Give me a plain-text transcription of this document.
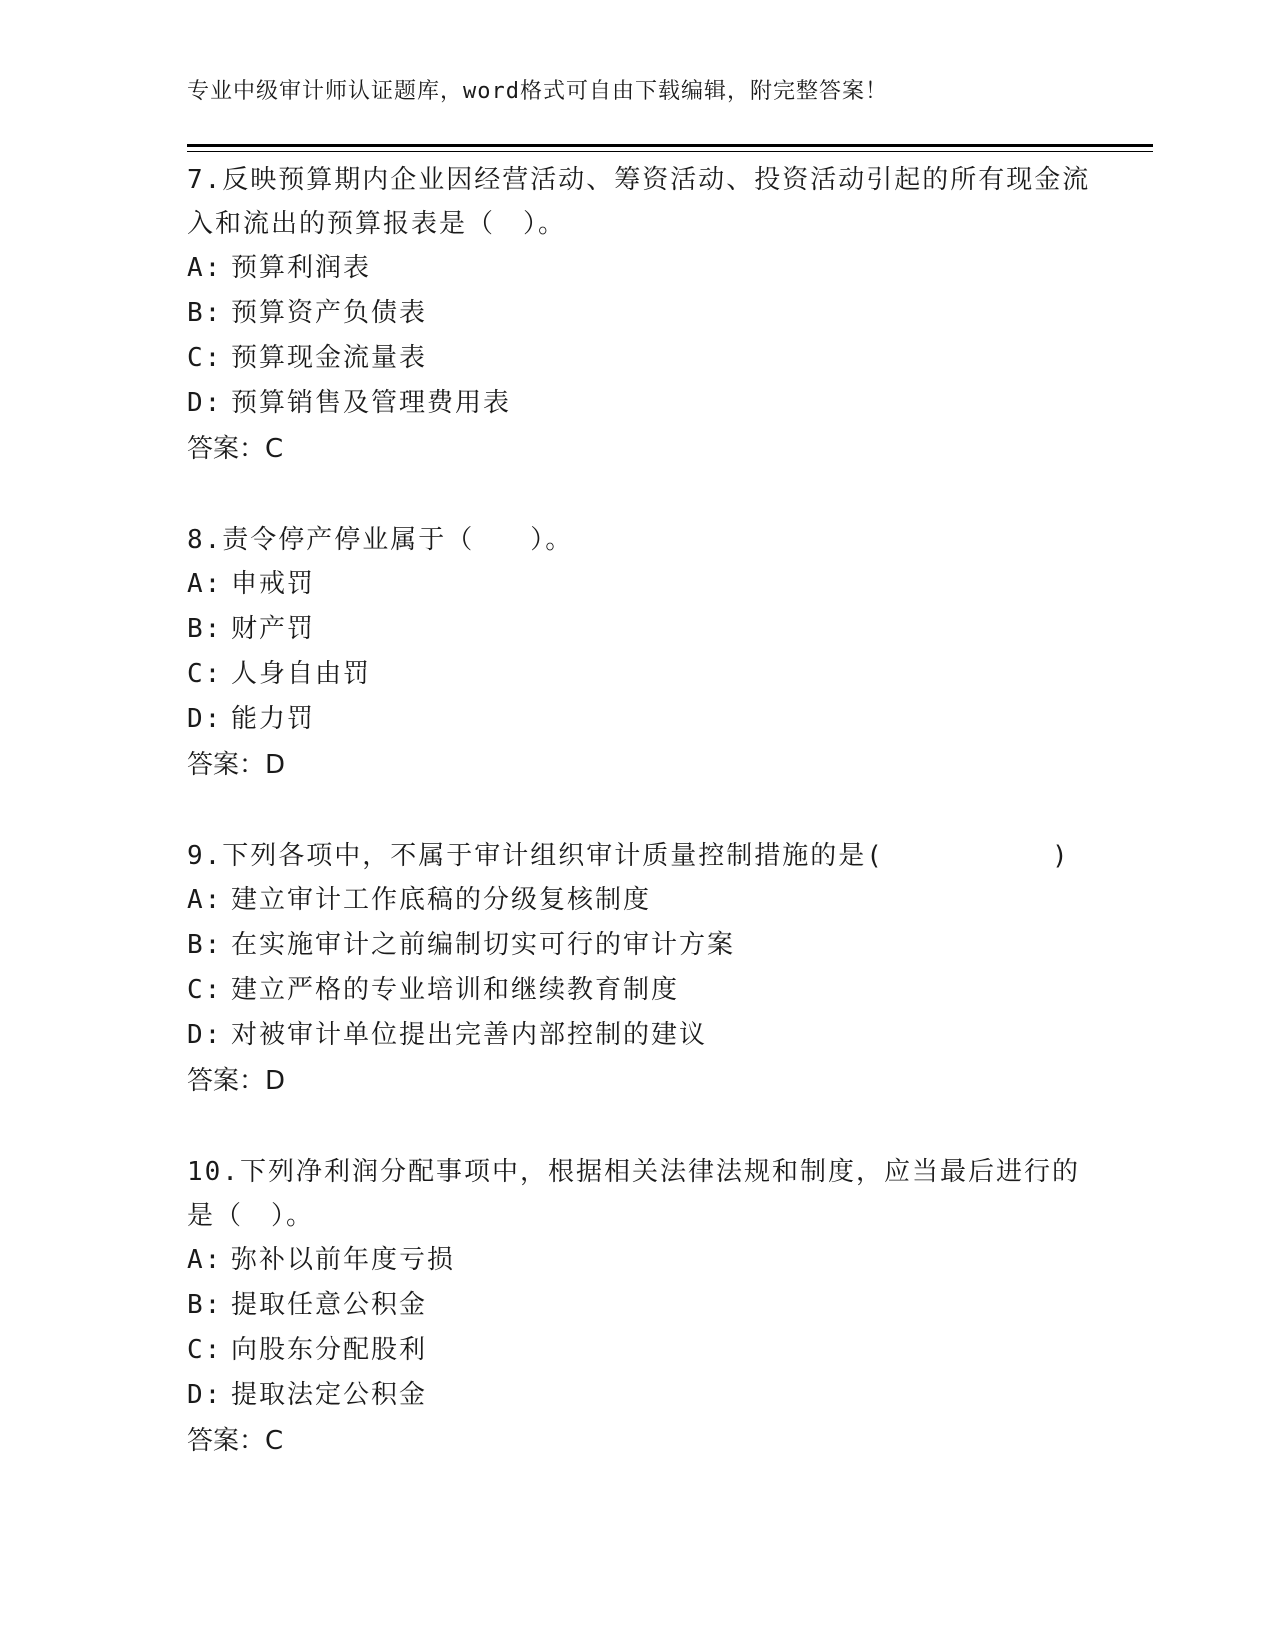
专业中级审计师认证题库，word格式可自由下载编辑，附完整答案！

7.反映预算期内企业因经营活动、筹资活动、投资活动引起的所有现金流入和流出的预算报表是（　）。

A: 预算利润表
B: 预算资产负债表
C: 预算现金流量表
D: 预算销售及管理费用表
答案：C

8.责令停产停业属于（　　）。

A: 申戒罚
B: 财产罚
C: 人身自由罚
D: 能力罚
答案：D

9.下列各项中，不属于审计组织审计质量控制措施的是(　　　　　　)

A: 建立审计工作底稿的分级复核制度
B: 在实施审计之前编制切实可行的审计方案
C: 建立严格的专业培训和继续教育制度
D: 对被审计单位提出完善内部控制的建议
答案：D

10.下列净利润分配事项中，根据相关法律法规和制度，应当最后进行的是（　）。

A: 弥补以前年度亏损
B: 提取任意公积金
C: 向股东分配股利
D: 提取法定公积金
答案：C
